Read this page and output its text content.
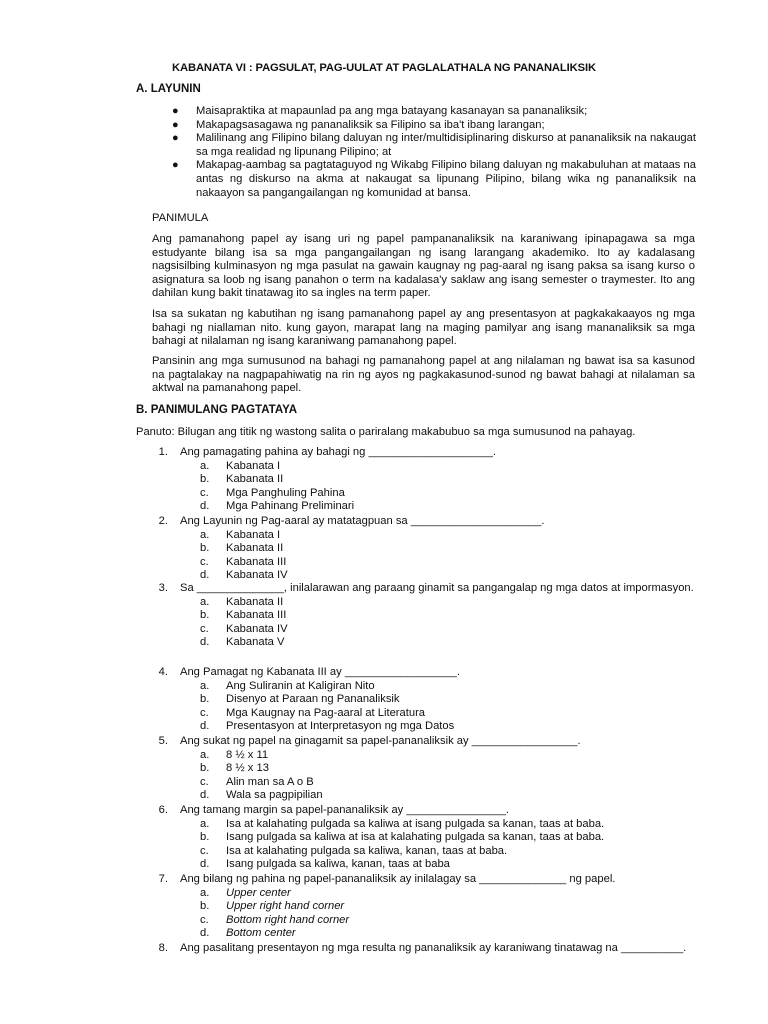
KABANATA VI : PAGSULAT, PAG-UULAT AT PAGLALATHALA NG PANANALIKSIK
A. LAYUNIN
● Maisapraktika at mapaunlad pa ang mga batayang kasanayan sa pananaliksik;
● Makapagsasagawa ng pananaliksik sa Filipino sa iba't ibang larangan;
● Malilinang ang Filipino bilang daluyan ng inter/multidisiplinaring diskurso at pananaliksik na nakaugat sa mga realidad ng lipunang Pilipino; at
● Makapag-aambag sa pagtataguyod ng Wikabg Filipino bilang daluyan ng makabuluhan at mataas na antas ng diskurso na akma at nakaugat sa lipunang Pilipino, bilang wika ng pananaliksik na nakaayon sa pangangailangan ng komunidad at bansa.
PANIMULA

Ang pamanahong papel ay isang uri ng papel pampananaliksik na karaniwang ipinapagawa sa mga estudyante bilang isa sa mga pangangailangan ng isang larangang akademiko. Ito ay kadalasang nagsisilbing kulminasyon ng mga pasulat na gawain kaugnay ng pag-aaral ng isang paksa sa isang kurso o asignatura sa loob ng isang panahon o term na kadalasa'y saklaw ang isang semester o traymester. Ito ang dahilan kung bakit tinatawag ito sa ingles na term paper.

Isa sa sukatan ng kabutihan ng isang pamanahong papel ay ang presentasyon at pagkakakaayos ng mga bahagi ng niallaman nito. kung gayon, marapat lang na maging pamilyar ang isang mananaliksik sa mga bahagi at nilalaman ng isang karaniwang pamanahong papel.

Pansinin ang mga sumusunod na bahagi ng pamanahong papel at ang nilalaman ng bawat isa sa kasunod na pagtalakay na nagpapahiwatig na rin ng ayos ng pagkakasunod-sunod ng bawat bahagi at nilalaman sa aktwal na pamanahong papel.

B. PANIMULANG PAGTATAYA
Panuto: Bilugan ang titik ng wastong salita o pariralang makabubuo sa mga sumusunod na pahayag.
1. Ang pamagating pahina ay bahagi ng ____________________.
a. Kabanata I
b. Kabanata II
c. Mga Panghuling Pahina
d. Mga Pahinang Preliminari
2. Ang Layunin ng Pag-aaral ay matatagpuan sa _____________________.
a. Kabanata I
b. Kabanata II
c. Kabanata III
d. Kabanata IV
3. Sa ______________, inilalarawan ang paraang ginamit sa pangangalap ng mga datos at impormasyon.
a. Kabanata II
b. Kabanata III
c. Kabanata IV
d. Kabanata V
4. Ang Pamagat ng Kabanata III ay __________________.
a. Ang Suliranin at Kaligiran Nito
b. Disenyo at Paraan ng Pananaliksik
c. Mga Kaugnay na Pag-aaral at Literatura
d. Presentasyon at Interpretasyon ng mga Datos
5. Ang sukat ng papel na ginagamit sa papel-pananaliksik ay _________________.
a. 8 ½ x 11
b. 8 ½ x 13
c. Alin man sa A o B
d. Wala sa pagpipilian
6. Ang tamang margin sa papel-pananaliksik ay ________________.
a. Isa at kalahating pulgada sa kaliwa at isang pulgada sa kanan, taas at baba.
b. Isang pulgada sa kaliwa at isa at kalahating pulgada sa kanan, taas at baba.
c. Isa at kalahating pulgada sa kaliwa, kanan, taas at baba.
d. Isang pulgada sa kaliwa, kanan, taas at baba
7. Ang bilang ng pahina ng papel-pananaliksik ay inilalagay sa ______________ ng papel.
a. Upper center
b. Upper right hand corner
c. Bottom right hand corner
d. Bottom center
8. Ang pasalitang presentayon ng mga resulta ng pananaliksik ay karaniwang tinatawag na __________.
